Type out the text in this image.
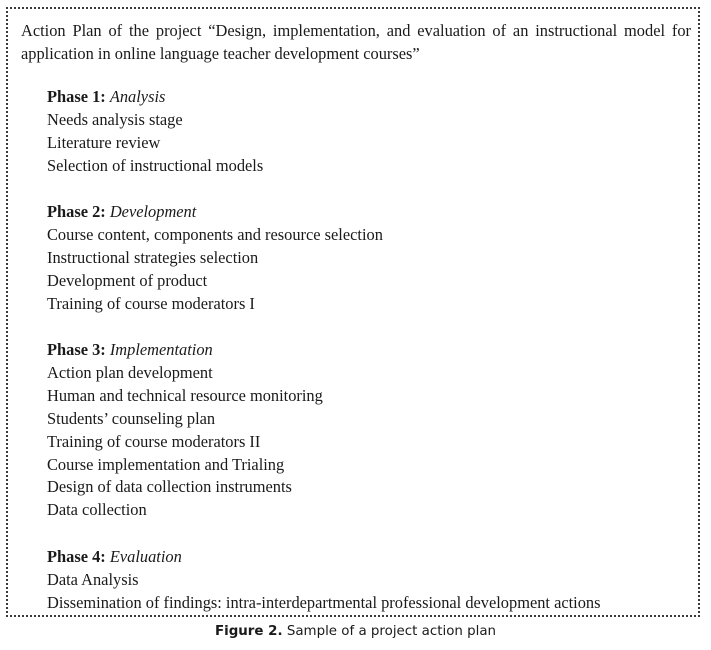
Action Plan of the project “Design, implementation, and evaluation of an instructional model for application in online language teacher development courses”

Phase 1: Analysis
Needs analysis stage
Literature review
Selection of instructional models
Phase 2: Development
Course content, components and resource selection
Instructional strategies selection
Development of product
Training of course moderators I
Phase 3: Implementation
Action plan development
Human and technical resource monitoring
Students’ counseling plan
Training of course moderators II
Course implementation and Trialing
Design of data collection instruments
Data collection
Phase 4: Evaluation
Data Analysis
Dissemination of findings: intra-interdepartmental professional development actions
Figure 2. Sample of a project action plan
